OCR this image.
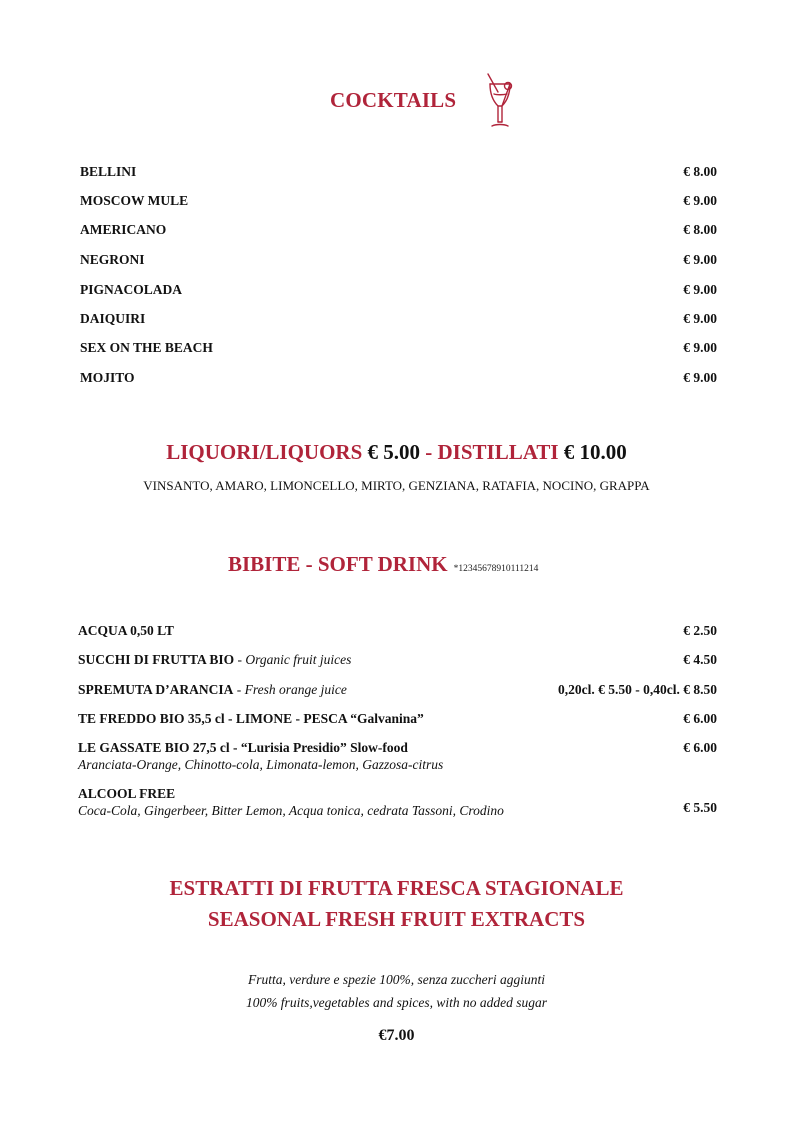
COCKTAILS
BELLINI	€ 8.00
MOSCOW MULE	€ 9.00
AMERICANO	€ 8.00
NEGRONI	€ 9.00
PIGNACOLADA	€ 9.00
DAIQUIRI	€ 9.00
SEX ON THE BEACH	€ 9.00
MOJITO	€ 9.00
LIQUORI/LIQUORS € 5.00 - DISTILLATI € 10.00
VINSANTO, AMARO, LIMONCELLO, MIRTO, GENZIANA, RATAFIA, NOCINO, GRAPPA
BIBITE - SOFT DRINK *12345678910111214
ACQUA 0,50 LT	€ 2.50
SUCCHI DI FRUTTA BIO - Organic fruit juices	€ 4.50
SPREMUTA D’ARANCIA - Fresh orange juice	0,20cl. € 5.50 - 0,40cl. € 8.50
TE FREDDO BIO 35,5 cl - LIMONE - PESCA “Galvanina”	€ 6.00
LE GASSATE BIO 27,5 cl - “Lurisia Presidio” Slow-food	€ 6.00
Aranciata-Orange, Chinotto-cola, Limonata-lemon, Gazzosa-citrus
ALCOOL FREE
Coca-Cola, Gingerbeer, Bitter Lemon, Acqua tonica, cedrata Tassoni, Crodino	€ 5.50
ESTRATTI DI FRUTTA FRESCA STAGIONALE
SEASONAL FRESH FRUIT EXTRACTS
Frutta, verdure e spezie 100%, senza zuccheri aggiunti
100% fruits,vegetables and spices, with no added sugar
€7.00
